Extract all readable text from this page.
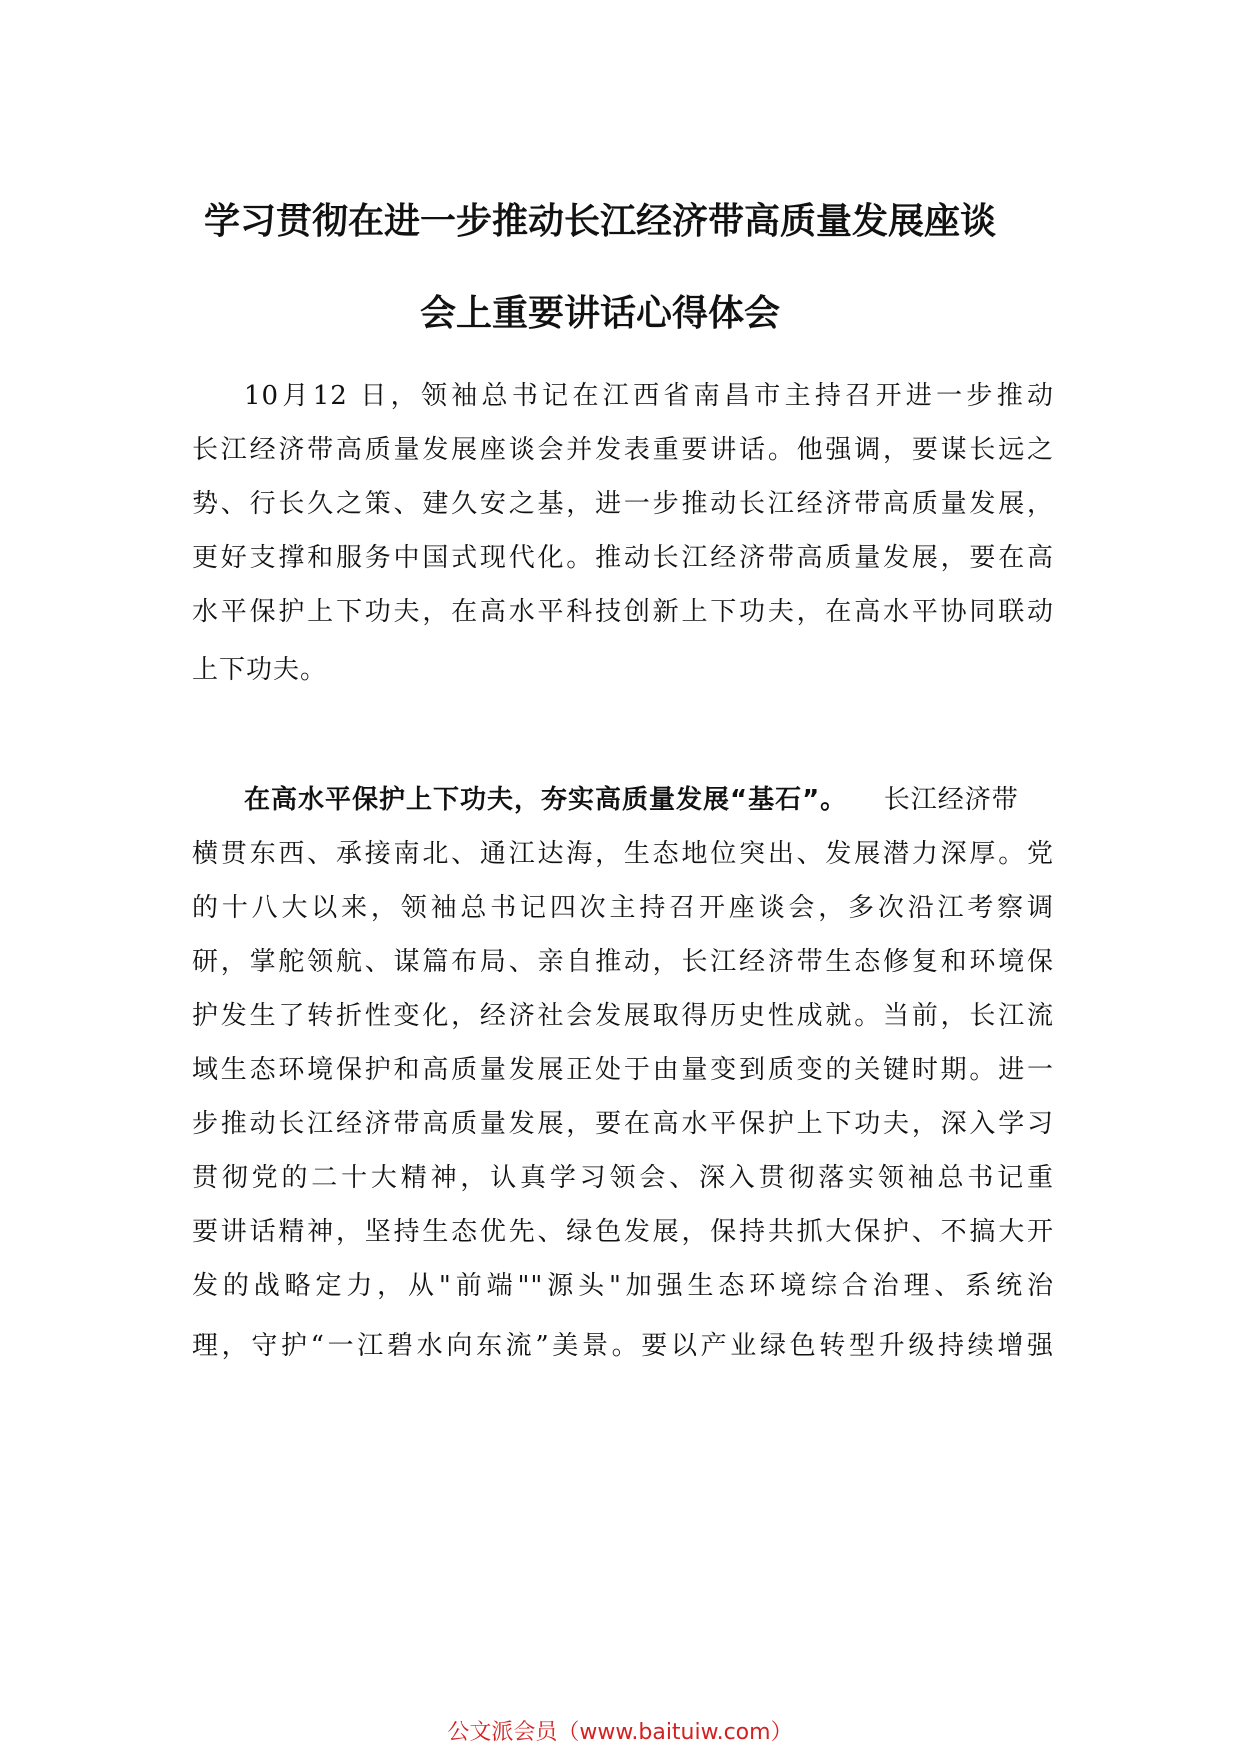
学习贯彻在进一步推动长江经济带高质量发展座谈
会上重要讲话心得体会

10月12 日，领袖总书记在江西省南昌市主持召开进一步推动

长江经济带高质量发展座谈会并发表重要讲话。他强调，要谋长远之

势、行长久之策、建久安之基，进一步推动长江经济带高质量发展，

更好支撑和服务中国式现代化。推动长江经济带高质量发展，要在高

水平保护上下功夫，在高水平科技创新上下功夫，在高水平协同联动

上下功夫。

在高水平保护上下功夫，夯实高质量发展“基石”。 长江经济带

横贯东西、承接南北、通江达海，生态地位突出、发展潜力深厚。党

的十八大以来，领袖总书记四次主持召开座谈会，多次沿江考察调

研，掌舵领航、谋篇布局、亲自推动，长江经济带生态修复和环境保

护发生了转折性变化，经济社会发展取得历史性成就。当前，长江流

域生态环境保护和高质量发展正处于由量变到质变的关键时期。进一

步推动长江经济带高质量发展，要在高水平保护上下功夫，深入学习

贯彻党的二十大精神，认真学习领会、深入贯彻落实领袖总书记重

要讲话精神，坚持生态优先、绿色发展，保持共抓大保护、不搞大开

发的战略定力，从"前端""源头"加强生态环境综合治理、系统治

理，守护“一江碧水向东流”美景。要以产业绿色转型升级持续增强

公文派会员（www.baituiw.com）
